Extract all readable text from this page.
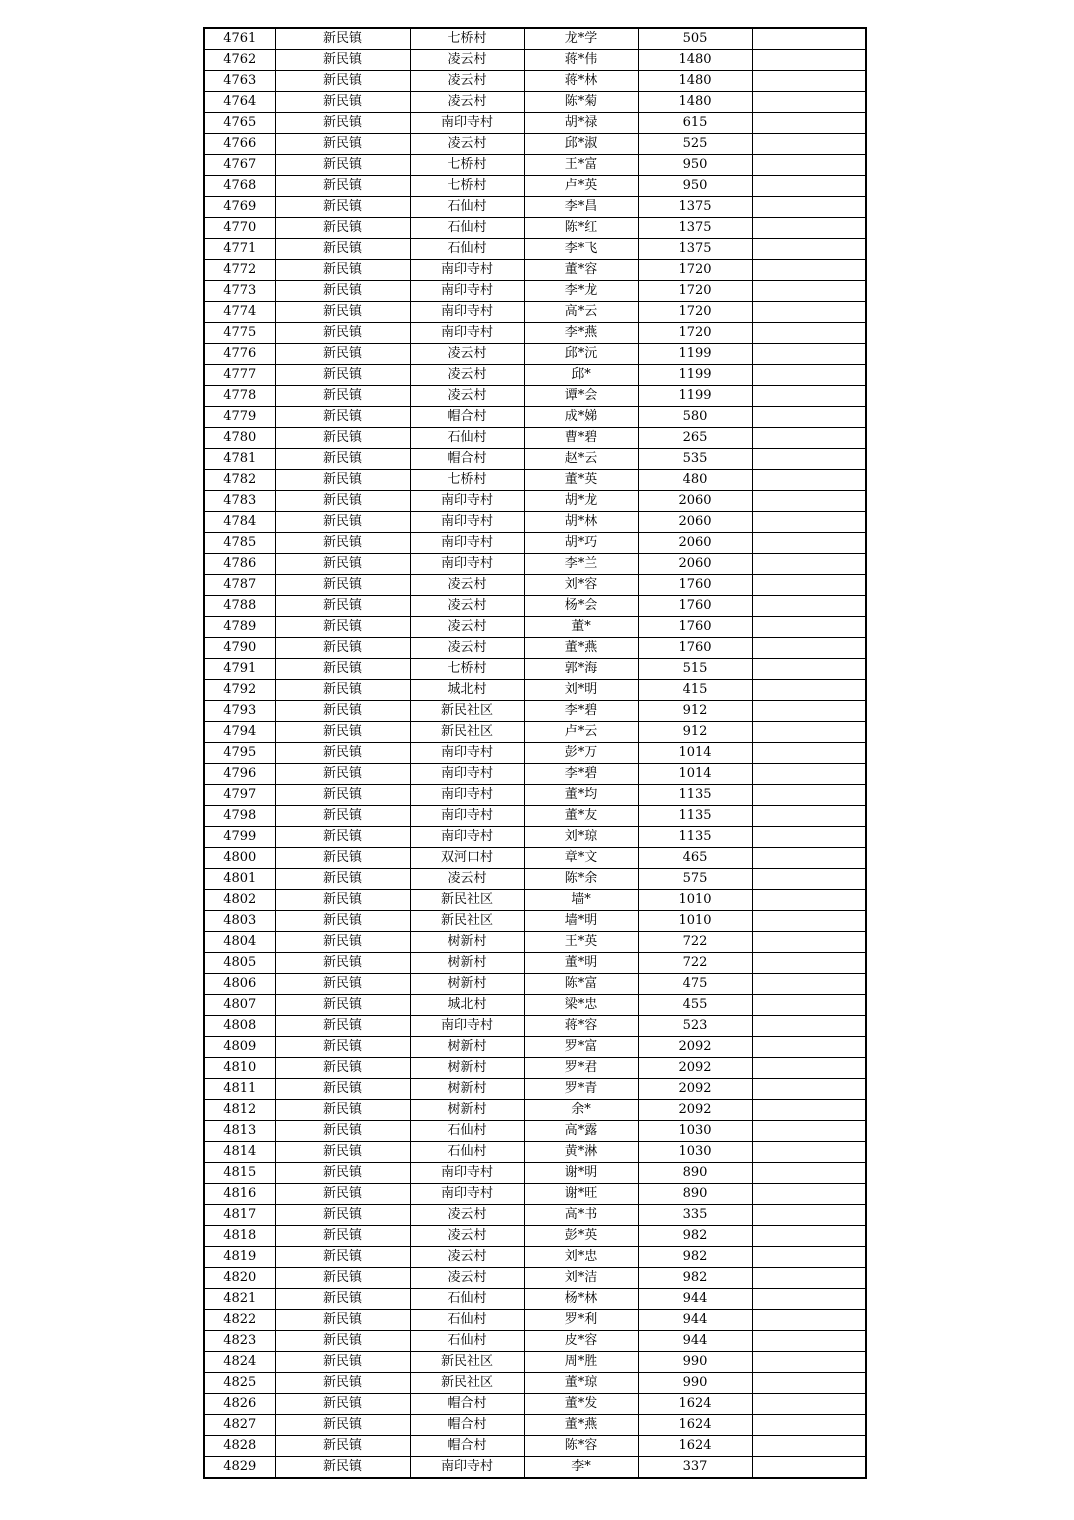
4761	新民镇	七桥村	龙*学	505	
4762	新民镇	凌云村	蒋*伟	1480	
4763	新民镇	凌云村	蒋*林	1480	
4764	新民镇	凌云村	陈*菊	1480	
4765	新民镇	南印寺村	胡*禄	615	
4766	新民镇	凌云村	邱*淑	525	
4767	新民镇	七桥村	王*富	950	
4768	新民镇	七桥村	卢*英	950	
4769	新民镇	石仙村	李*昌	1375	
4770	新民镇	石仙村	陈*红	1375	
4771	新民镇	石仙村	李*飞	1375	
4772	新民镇	南印寺村	董*容	1720	
4773	新民镇	南印寺村	李*龙	1720	
4774	新民镇	南印寺村	高*云	1720	
4775	新民镇	南印寺村	李*燕	1720	
4776	新民镇	凌云村	邱*沅	1199	
4777	新民镇	凌云村	邱*	1199	
4778	新民镇	凌云村	谭*会	1199	
4779	新民镇	帽合村	成*娣	580	
4780	新民镇	石仙村	曹*碧	265	
4781	新民镇	帽合村	赵*云	535	
4782	新民镇	七桥村	董*英	480	
4783	新民镇	南印寺村	胡*龙	2060	
4784	新民镇	南印寺村	胡*林	2060	
4785	新民镇	南印寺村	胡*巧	2060	
4786	新民镇	南印寺村	李*兰	2060	
4787	新民镇	凌云村	刘*容	1760	
4788	新民镇	凌云村	杨*会	1760	
4789	新民镇	凌云村	董*	1760	
4790	新民镇	凌云村	董*燕	1760	
4791	新民镇	七桥村	郭*海	515	
4792	新民镇	城北村	刘*明	415	
4793	新民镇	新民社区	李*碧	912	
4794	新民镇	新民社区	卢*云	912	
4795	新民镇	南印寺村	彭*万	1014	
4796	新民镇	南印寺村	李*碧	1014	
4797	新民镇	南印寺村	董*均	1135	
4798	新民镇	南印寺村	董*友	1135	
4799	新民镇	南印寺村	刘*琼	1135	
4800	新民镇	双河口村	章*文	465	
4801	新民镇	凌云村	陈*余	575	
4802	新民镇	新民社区	墙*	1010	
4803	新民镇	新民社区	墙*明	1010	
4804	新民镇	树新村	王*英	722	
4805	新民镇	树新村	董*明	722	
4806	新民镇	树新村	陈*富	475	
4807	新民镇	城北村	梁*忠	455	
4808	新民镇	南印寺村	蒋*容	523	
4809	新民镇	树新村	罗*富	2092	
4810	新民镇	树新村	罗*君	2092	
4811	新民镇	树新村	罗*青	2092	
4812	新民镇	树新村	余*	2092	
4813	新民镇	石仙村	高*露	1030	
4814	新民镇	石仙村	黄*淋	1030	
4815	新民镇	南印寺村	谢*明	890	
4816	新民镇	南印寺村	谢*旺	890	
4817	新民镇	凌云村	高*书	335	
4818	新民镇	凌云村	彭*英	982	
4819	新民镇	凌云村	刘*忠	982	
4820	新民镇	凌云村	刘*洁	982	
4821	新民镇	石仙村	杨*林	944	
4822	新民镇	石仙村	罗*利	944	
4823	新民镇	石仙村	皮*容	944	
4824	新民镇	新民社区	周*胜	990	
4825	新民镇	新民社区	董*琼	990	
4826	新民镇	帽合村	董*发	1624	
4827	新民镇	帽合村	董*燕	1624	
4828	新民镇	帽合村	陈*容	1624	
4829	新民镇	南印寺村	李*	337	
